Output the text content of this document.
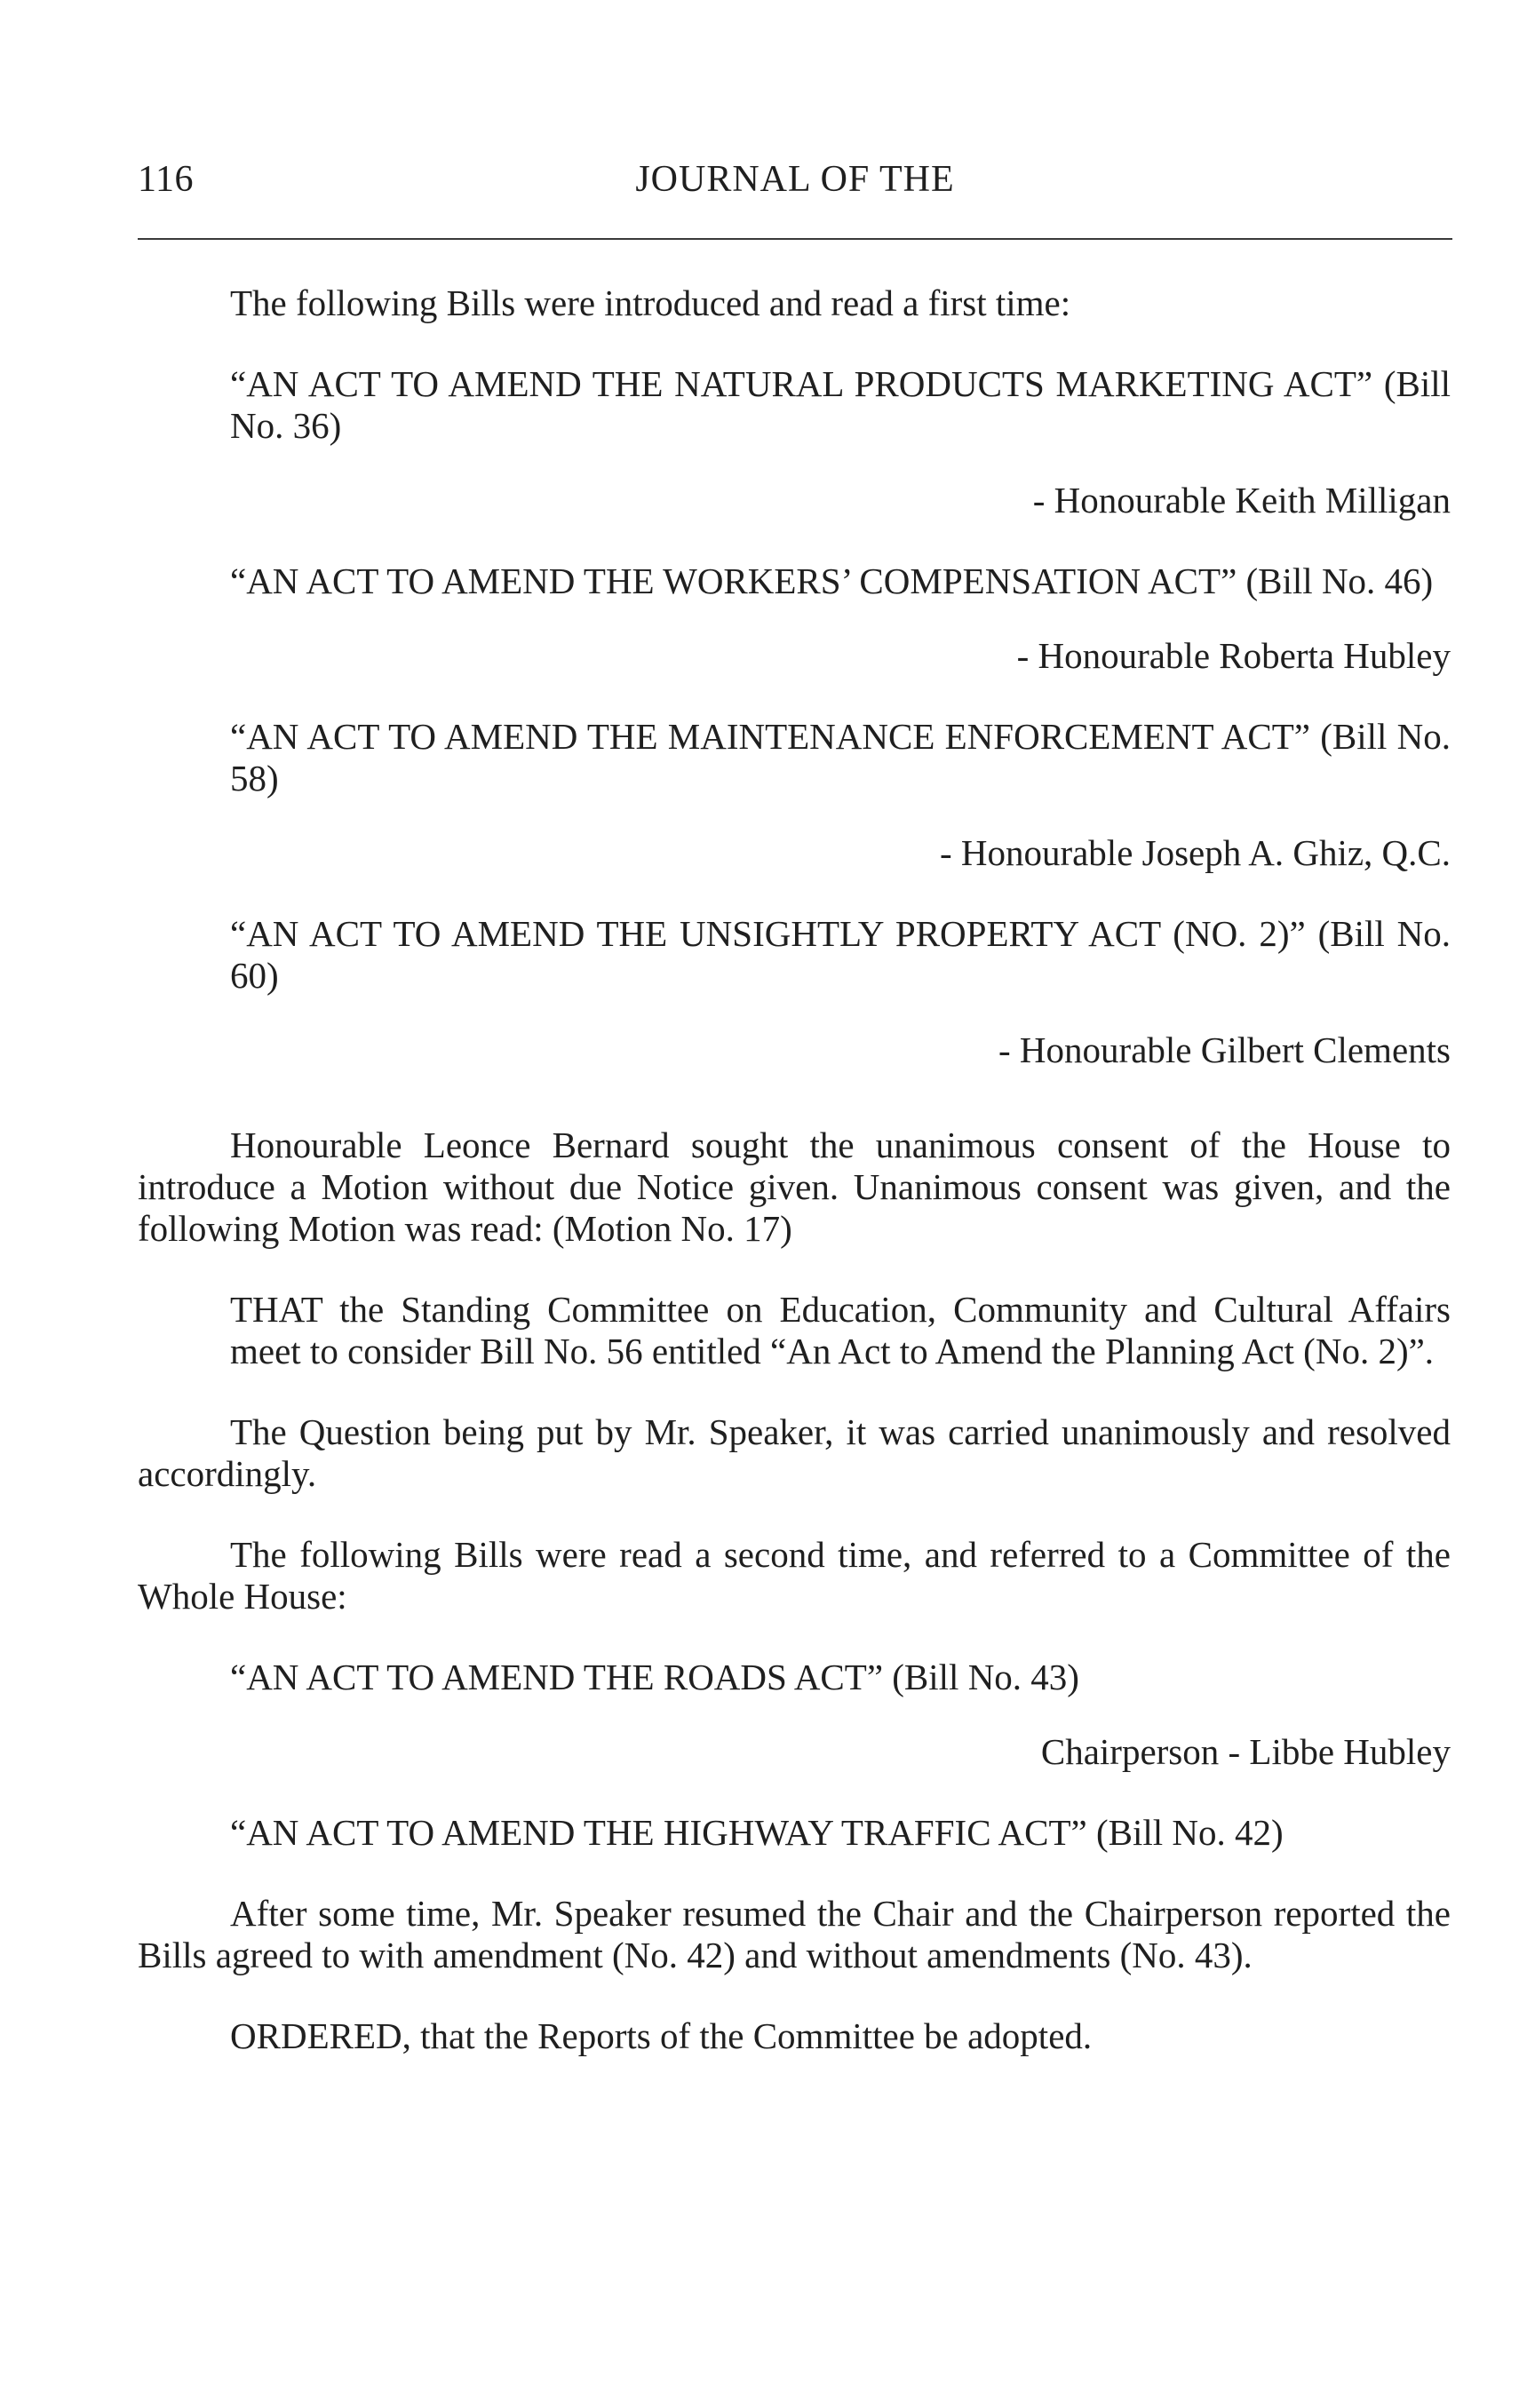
JOURNAL OF THE
116

The following Bills were introduced and read a first time:

“AN ACT TO AMEND THE NATURAL PRODUCTS MARKETING ACT” (Bill No. 36)

- Honourable Keith Milligan

“AN ACT TO AMEND THE WORKERS’ COMPENSATION ACT” (Bill No. 46)

- Honourable Roberta Hubley

“AN ACT TO AMEND THE MAINTENANCE ENFORCEMENT ACT” (Bill No. 58)

- Honourable Joseph A. Ghiz, Q.C.

“AN ACT TO AMEND THE UNSIGHTLY PROPERTY ACT (NO. 2)” (Bill No. 60)

- Honourable Gilbert Clements

Honourable Leonce Bernard sought the unanimous consent of the House to introduce a Motion without due Notice given. Unanimous consent was given, and the following Motion was read: (Motion No. 17)

THAT the Standing Committee on Education, Community and Cultural Affairs meet to consider Bill No. 56 entitled “An Act to Amend the Planning Act (No. 2)”.

The Question being put by Mr. Speaker, it was carried unanimously and resolved accordingly.

The following Bills were read a second time, and referred to a Committee of the Whole House:

“AN ACT TO AMEND THE ROADS ACT” (Bill No. 43)

Chairperson - Libbe Hubley

“AN ACT TO AMEND THE HIGHWAY TRAFFIC ACT” (Bill No. 42)

After some time, Mr. Speaker resumed the Chair and the Chairperson reported the Bills agreed to with amendment (No. 42) and without amendments (No. 43).

ORDERED, that the Reports of the Committee be adopted.
